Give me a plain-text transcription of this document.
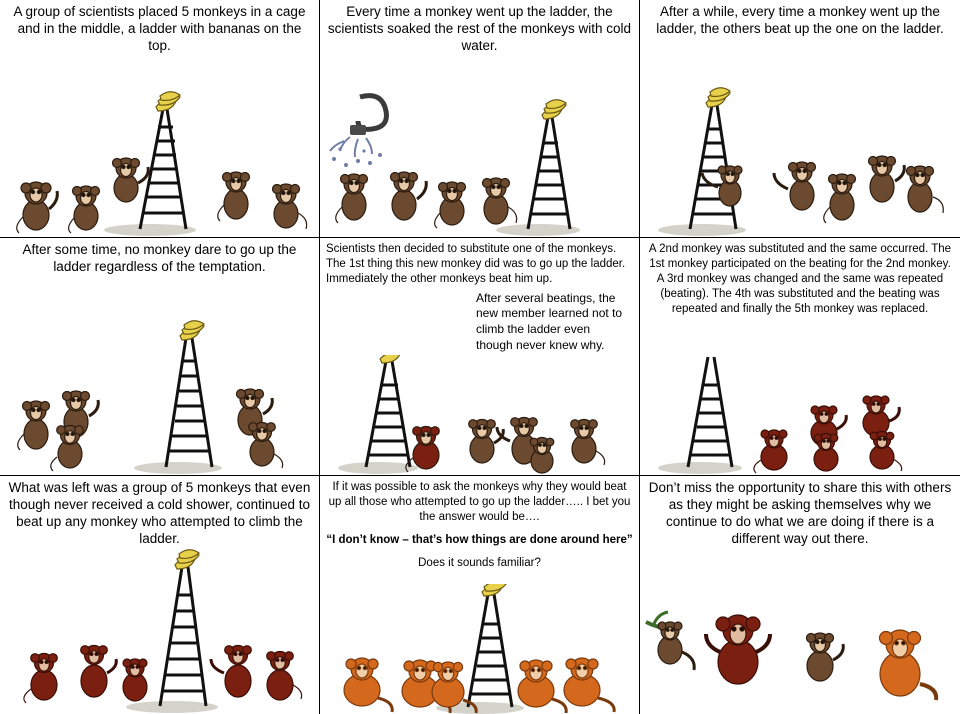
A group of scientists placed 5 monkeys in a cage and in the middle, a ladder with bananas on the top.
Every time a monkey went up the ladder, the scientists soaked the rest of the monkeys with cold water.
After a while, every time a monkey went up the ladder, the others beat up the one on the ladder.
After some time, no monkey dare to go up the ladder regardless of the temptation.
Scientists then decided to substitute one of the monkeys. The 1st thing this new monkey did was to go up the ladder. Immediately the other monkeys beat him up.
After several beatings, the new member learned not to climb the ladder even though never knew why.
A 2nd monkey was substituted and the same occurred. The 1st monkey participated on the beating for the 2nd monkey. A 3rd monkey was changed and the same was repeated (beating). The 4th was substituted and the beating was repeated and finally the 5th monkey was replaced.
What was left was a group of 5 monkeys that even though never received a cold shower, continued to beat up any monkey who attempted to climb the ladder.
If it was possible to ask the monkeys why they would beat up all those who attempted to go up the ladder….. I bet you the answer would be….
“I don’t know – that’s how things are done around here”
Does it sounds familiar?
Don’t miss the opportunity to share this with others as they might be asking themselves why we continue to do what we are doing if there is a different way out there.
